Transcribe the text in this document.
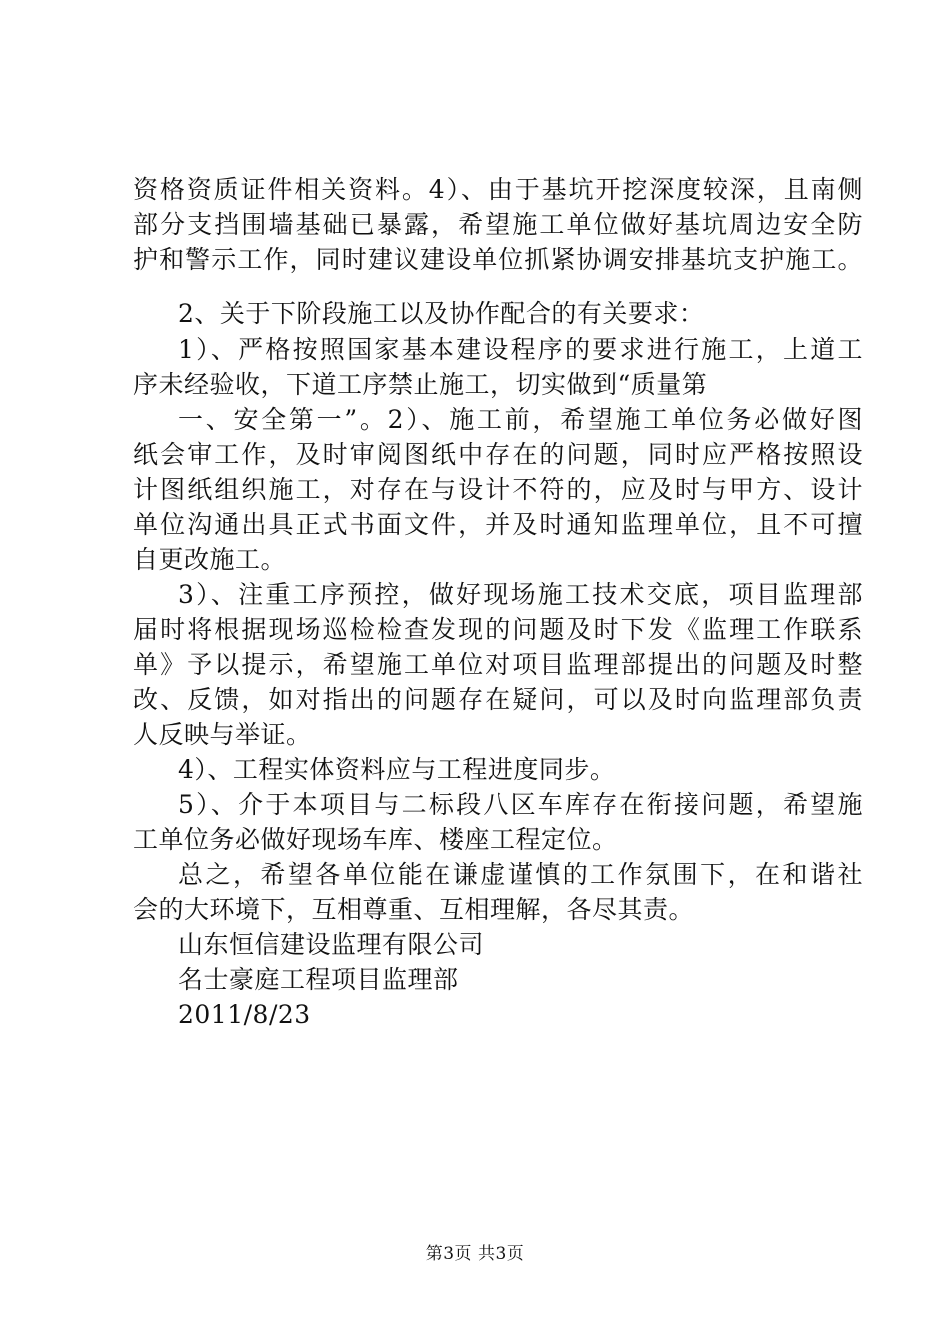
资格资质证件相关资料。4）、由于基坑开挖深度较深，且南侧
部分支挡围墙基础已暴露，希望施工单位做好基坑周边安全防
护和警示工作，同时建议建设单位抓紧协调安排基坑支护施工。
2、关于下阶段施工以及协作配合的有关要求：
1）、严格按照国家基本建设程序的要求进行施工，上道工
序未经验收，下道工序禁止施工，切实做到“质量第
一、安全第一”。2）、施工前，希望施工单位务必做好图
纸会审工作，及时审阅图纸中存在的问题，同时应严格按照设
计图纸组织施工，对存在与设计不符的，应及时与甲方、设计
单位沟通出具正式书面文件，并及时通知监理单位，且不可擅
自更改施工。
3）、注重工序预控，做好现场施工技术交底，项目监理部
届时将根据现场巡检检查发现的问题及时下发《监理工作联系
单》予以提示，希望施工单位对项目监理部提出的问题及时整
改、反馈，如对指出的问题存在疑问，可以及时向监理部负责
人反映与举证。
4）、工程实体资料应与工程进度同步。
5）、介于本项目与二标段八区车库存在衔接问题，希望施
工单位务必做好现场车库、楼座工程定位。
总之，希望各单位能在谦虚谨慎的工作氛围下，在和谐社
会的大环境下，互相尊重、互相理解，各尽其责。
山东恒信建设监理有限公司
名士豪庭工程项目监理部
2011/8/23
第3页 共3页
